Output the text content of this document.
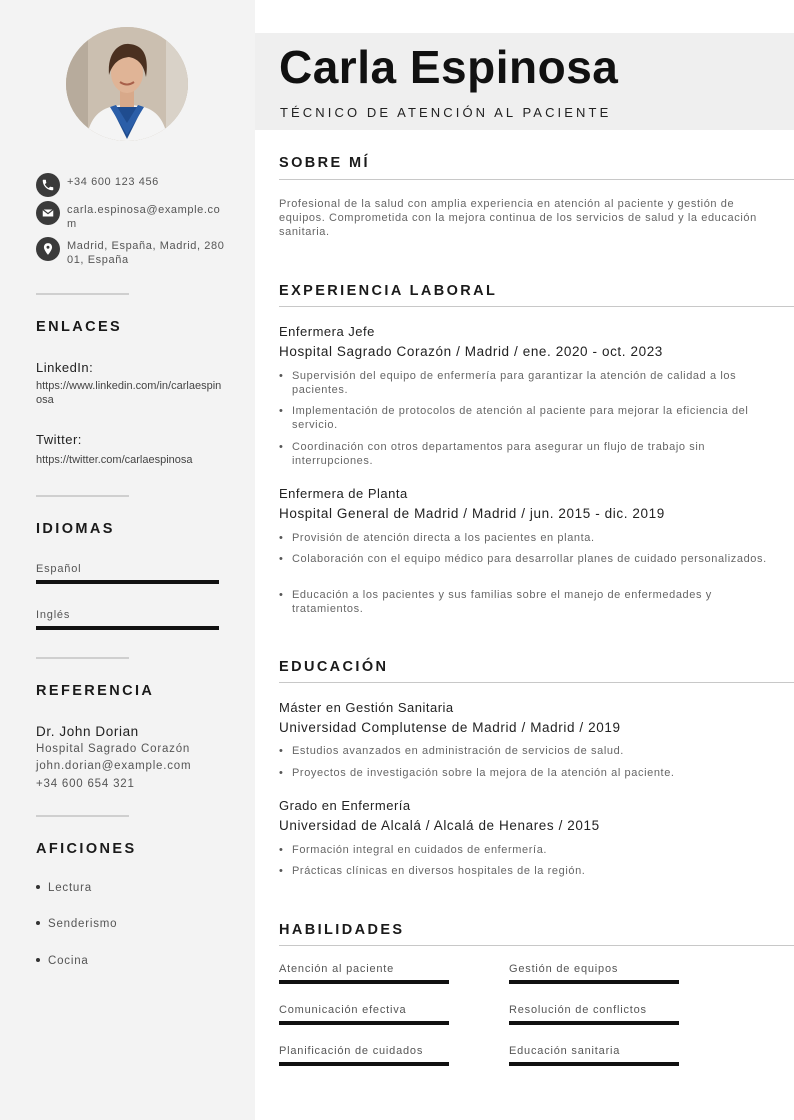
+34 600 123 456
carla.espinosa@example.com
Madrid, España, Madrid, 28001, España
ENLACES
LinkedIn:
https://www.linkedin.com/in/carlaespinosa
Twitter:
https://twitter.com/carlaespinosa
IDIOMAS
Español
Inglés
REFERENCIA
Dr. John Dorian
Hospital Sagrado Corazón
john.dorian@example.com
+34 600 654 321
AFICIONES
Lectura
Senderismo
Cocina
Carla Espinosa
TÉCNICO DE ATENCIÓN AL PACIENTE
SOBRE MÍ
Profesional de la salud con amplia experiencia en atención al paciente y gestión de equipos. Comprometida con la mejora continua de los servicios de salud y la educación sanitaria.
EXPERIENCIA LABORAL
Enfermera Jefe
Hospital Sagrado Corazón / Madrid / ene. 2020 - oct. 2023
• Supervisión del equipo de enfermería para garantizar la atención de calidad a los pacientes.
• Implementación de protocolos de atención al paciente para mejorar la eficiencia del servicio.
• Coordinación con otros departamentos para asegurar un flujo de trabajo sin interrupciones.
Enfermera de Planta
Hospital General de Madrid / Madrid / jun. 2015 - dic. 2019
• Provisión de atención directa a los pacientes en planta.
• Colaboración con el equipo médico para desarrollar planes de cuidado personalizados.
• Educación a los pacientes y sus familias sobre el manejo de enfermedades y tratamientos.
EDUCACIÓN
Máster en Gestión Sanitaria
Universidad Complutense de Madrid / Madrid / 2019
• Estudios avanzados en administración de servicios de salud.
• Proyectos de investigación sobre la mejora de la atención al paciente.
Grado en Enfermería
Universidad de Alcalá / Alcalá de Henares / 2015
• Formación integral en cuidados de enfermería.
• Prácticas clínicas en diversos hospitales de la región.
HABILIDADES
Atención al paciente	Gestión de equipos
Comunicación efectiva	Resolución de conflictos
Planificación de cuidados	Educación sanitaria
